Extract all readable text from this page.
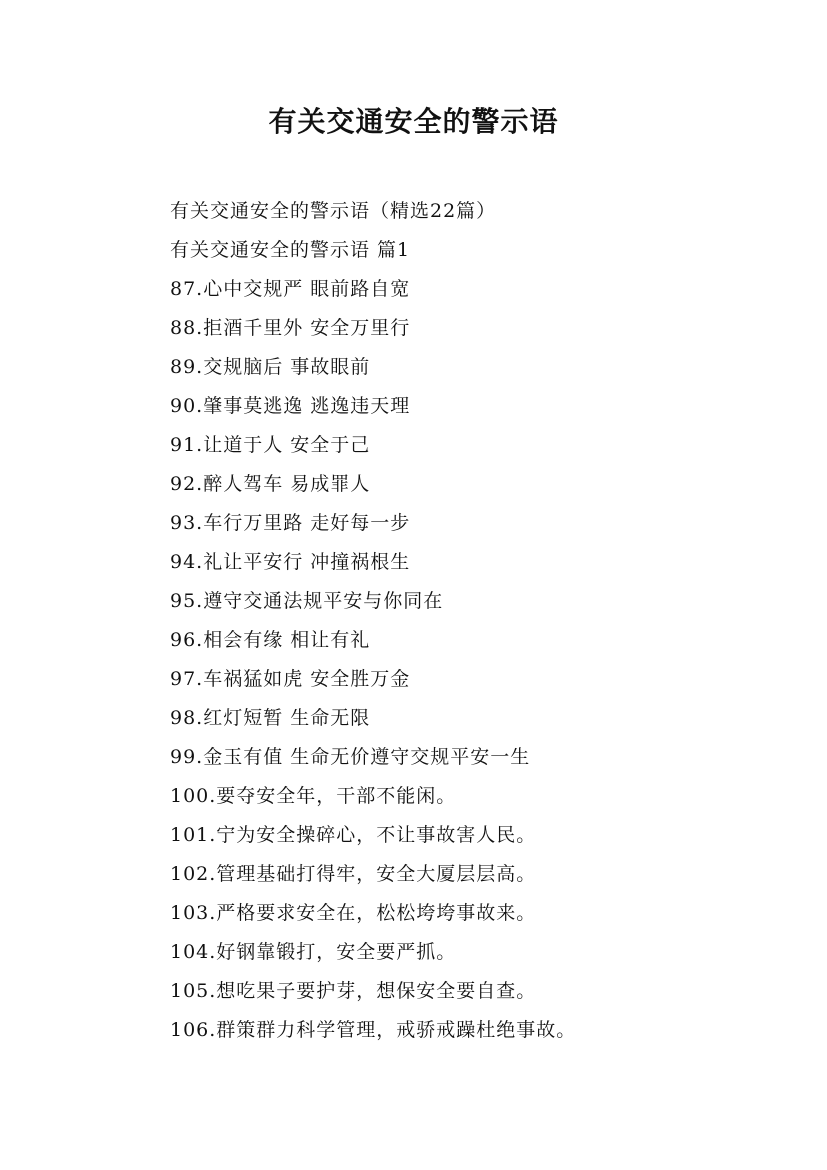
有关交通安全的警示语
有关交通安全的警示语（精选22篇）
有关交通安全的警示语 篇1
87.心中交规严 眼前路自宽
88.拒酒千里外 安全万里行
89.交规脑后 事故眼前
90.肇事莫逃逸 逃逸违天理
91.让道于人 安全于己
92.醉人驾车 易成罪人
93.车行万里路 走好每一步
94.礼让平安行 冲撞祸根生
95.遵守交通法规平安与你同在
96.相会有缘 相让有礼
97.车祸猛如虎 安全胜万金
98.红灯短暂 生命无限
99.金玉有值 生命无价遵守交规平安一生
100.要夺安全年，干部不能闲。
101.宁为安全操碎心，不让事故害人民。
102.管理基础打得牢，安全大厦层层高。
103.严格要求安全在，松松垮垮事故来。
104.好钢靠锻打，安全要严抓。
105.想吃果子要护芽，想保安全要自查。
106.群策群力科学管理，戒骄戒躁杜绝事故。
